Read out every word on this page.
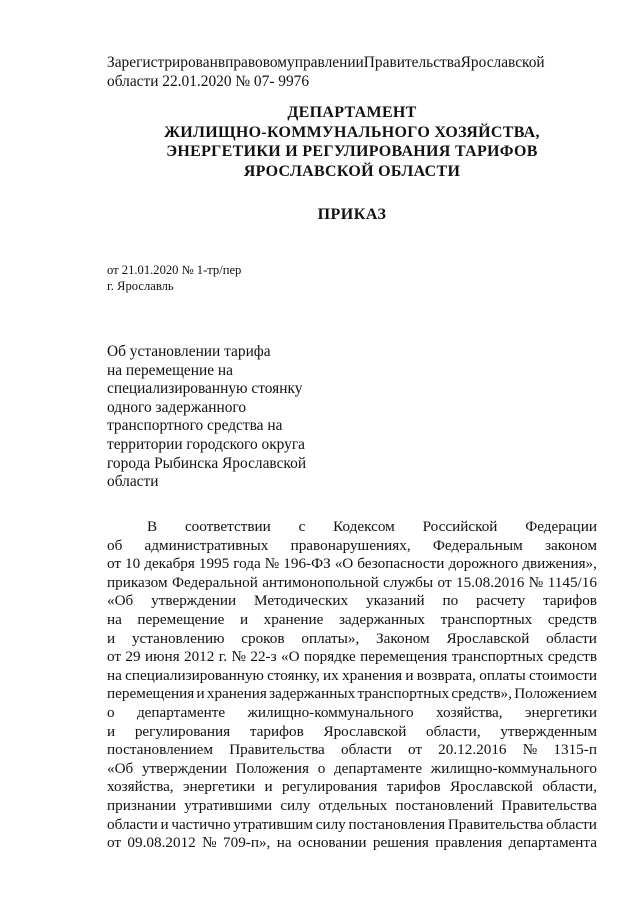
ЗарегистрированвправовомуправленииПравительстваЯрославской
области 22.01.2020 № 07- 9976
ДЕПАРТАМЕНТ
ЖИЛИЩНО-КОММУНАЛЬНОГО ХОЗЯЙСТВА,
ЭНЕРГЕТИКИ И РЕГУЛИРОВАНИЯ ТАРИФОВ
ЯРОСЛАВСКОЙ ОБЛАСТИ
ПРИКАЗ
от 21.01.2020 № 1-тр/пер
г. Ярославль
Об установлении тарифа
на перемещение на
специализированную стоянку
одного задержанного
транспортного средства на
территории городского округа
города Рыбинска Ярославской
области
В соответствии с Кодексом Российской Федерации
об административных правонарушениях, Федеральным законом
от 10 декабря 1995 года № 196-ФЗ «О безопасности дорожного движения»,
приказом Федеральной антимонопольной службы от 15.08.2016 № 1145/16
«Об утверждении Методических указаний по расчету тарифов
на перемещение и хранение задержанных транспортных средств
и установлению сроков оплаты», Законом Ярославской области
от 29 июня 2012 г. № 22-з «О порядке перемещения транспортных средств
на специализированную стоянку, их хранения и возврата, оплаты стоимости
перемещения и хранения задержанных транспортных средств», Положением
о департаменте жилищно-коммунального хозяйства, энергетики
и регулирования тарифов Ярославской области, утвержденным
постановлением Правительства области от 20.12.2016 № 1315-п
«Об утверждении Положения о департаменте жилищно-коммунального
хозяйства, энергетики и регулирования тарифов Ярославской области,
признании утратившими силу отдельных постановлений Правительства
области и частично утратившим силу постановления Правительства области
от 09.08.2012 № 709-п», на основании решения правления департамента
